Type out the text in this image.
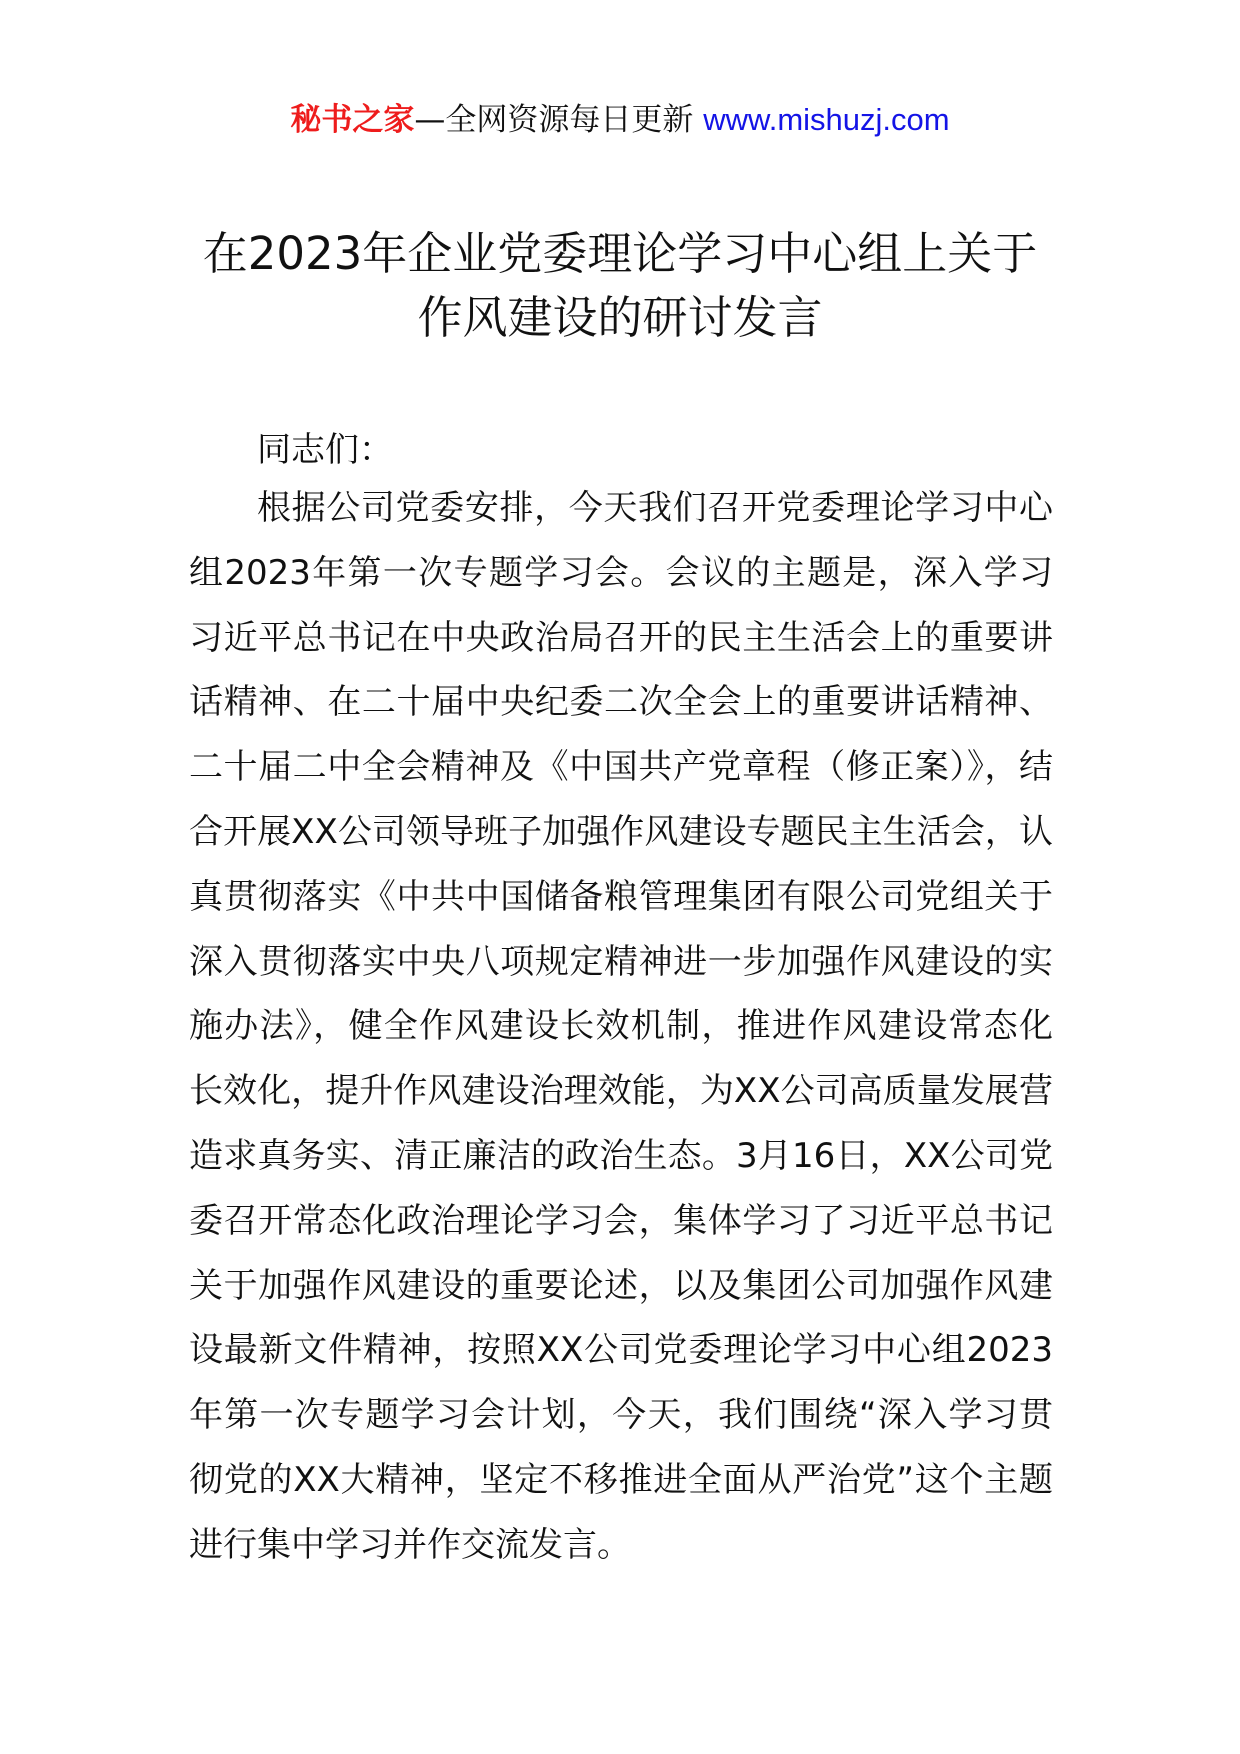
秘书之家—全网资源每日更新 www.mishuzj.com
在2023年企业党委理论学习中心组上关于
作风建设的研讨发言
同志们：

根据公司党委安排，今天我们召开党委理论学习中心组2023年第一次专题学习会。会议的主题是，深入学习习近平总书记在中央政治局召开的民主生活会上的重要讲话精神、在二十届中央纪委二次全会上的重要讲话精神、二十届二中全会精神及《中国共产党章程（修正案）》，结合开展XX公司领导班子加强作风建设专题民主生活会，认真贯彻落实《中共中国储备粮管理集团有限公司党组关于深入贯彻落实中央八项规定精神进一步加强作风建设的实施办法》，健全作风建设长效机制，推进作风建设常态化长效化，提升作风建设治理效能，为XX公司高质量发展营造求真务实、清正廉洁的政治生态。3月16日，XX公司党委召开常态化政治理论学习会，集体学习了习近平总书记关于加强作风建设的重要论述，以及集团公司加强作风建设最新文件精神，按照XX公司党委理论学习中心组2023年第一次专题学习会计划，今天，我们围绕“深入学习贯彻党的XX大精神，坚定不移推进全面从严治党”这个主题进行集中学习并作交流发言。
